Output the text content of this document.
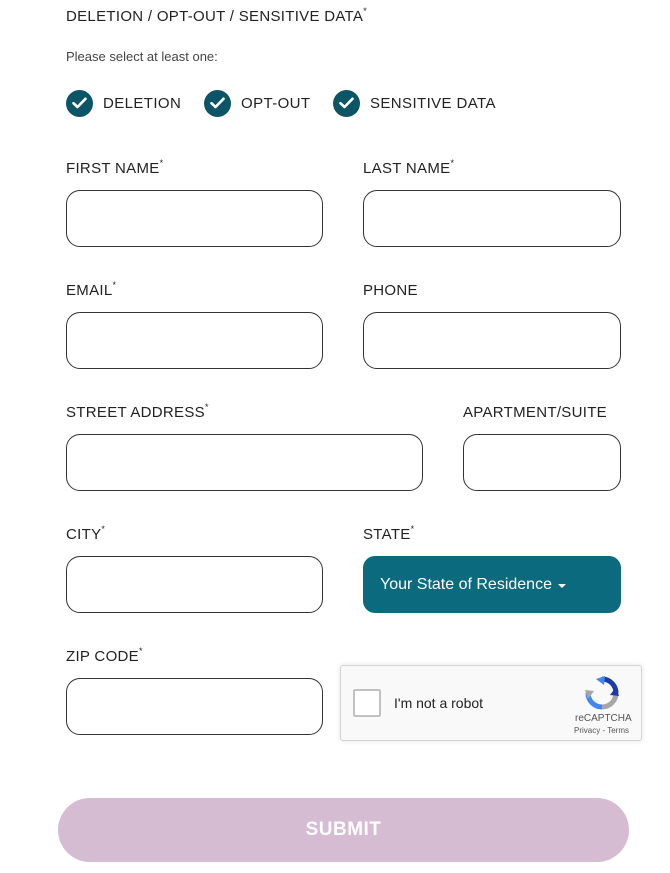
DELETION / OPT-OUT / SENSITIVE DATA*
Please select at least one:
DELETION	OPT-OUT	SENSITIVE DATA
FIRST NAME*	LAST NAME*
EMAIL*	PHONE
STREET ADDRESS*	APARTMENT/SUITE
CITY*	STATE*
Your State of Residence
ZIP CODE*
I'm not a robot
reCAPTCHA
Privacy - Terms
SUBMIT
